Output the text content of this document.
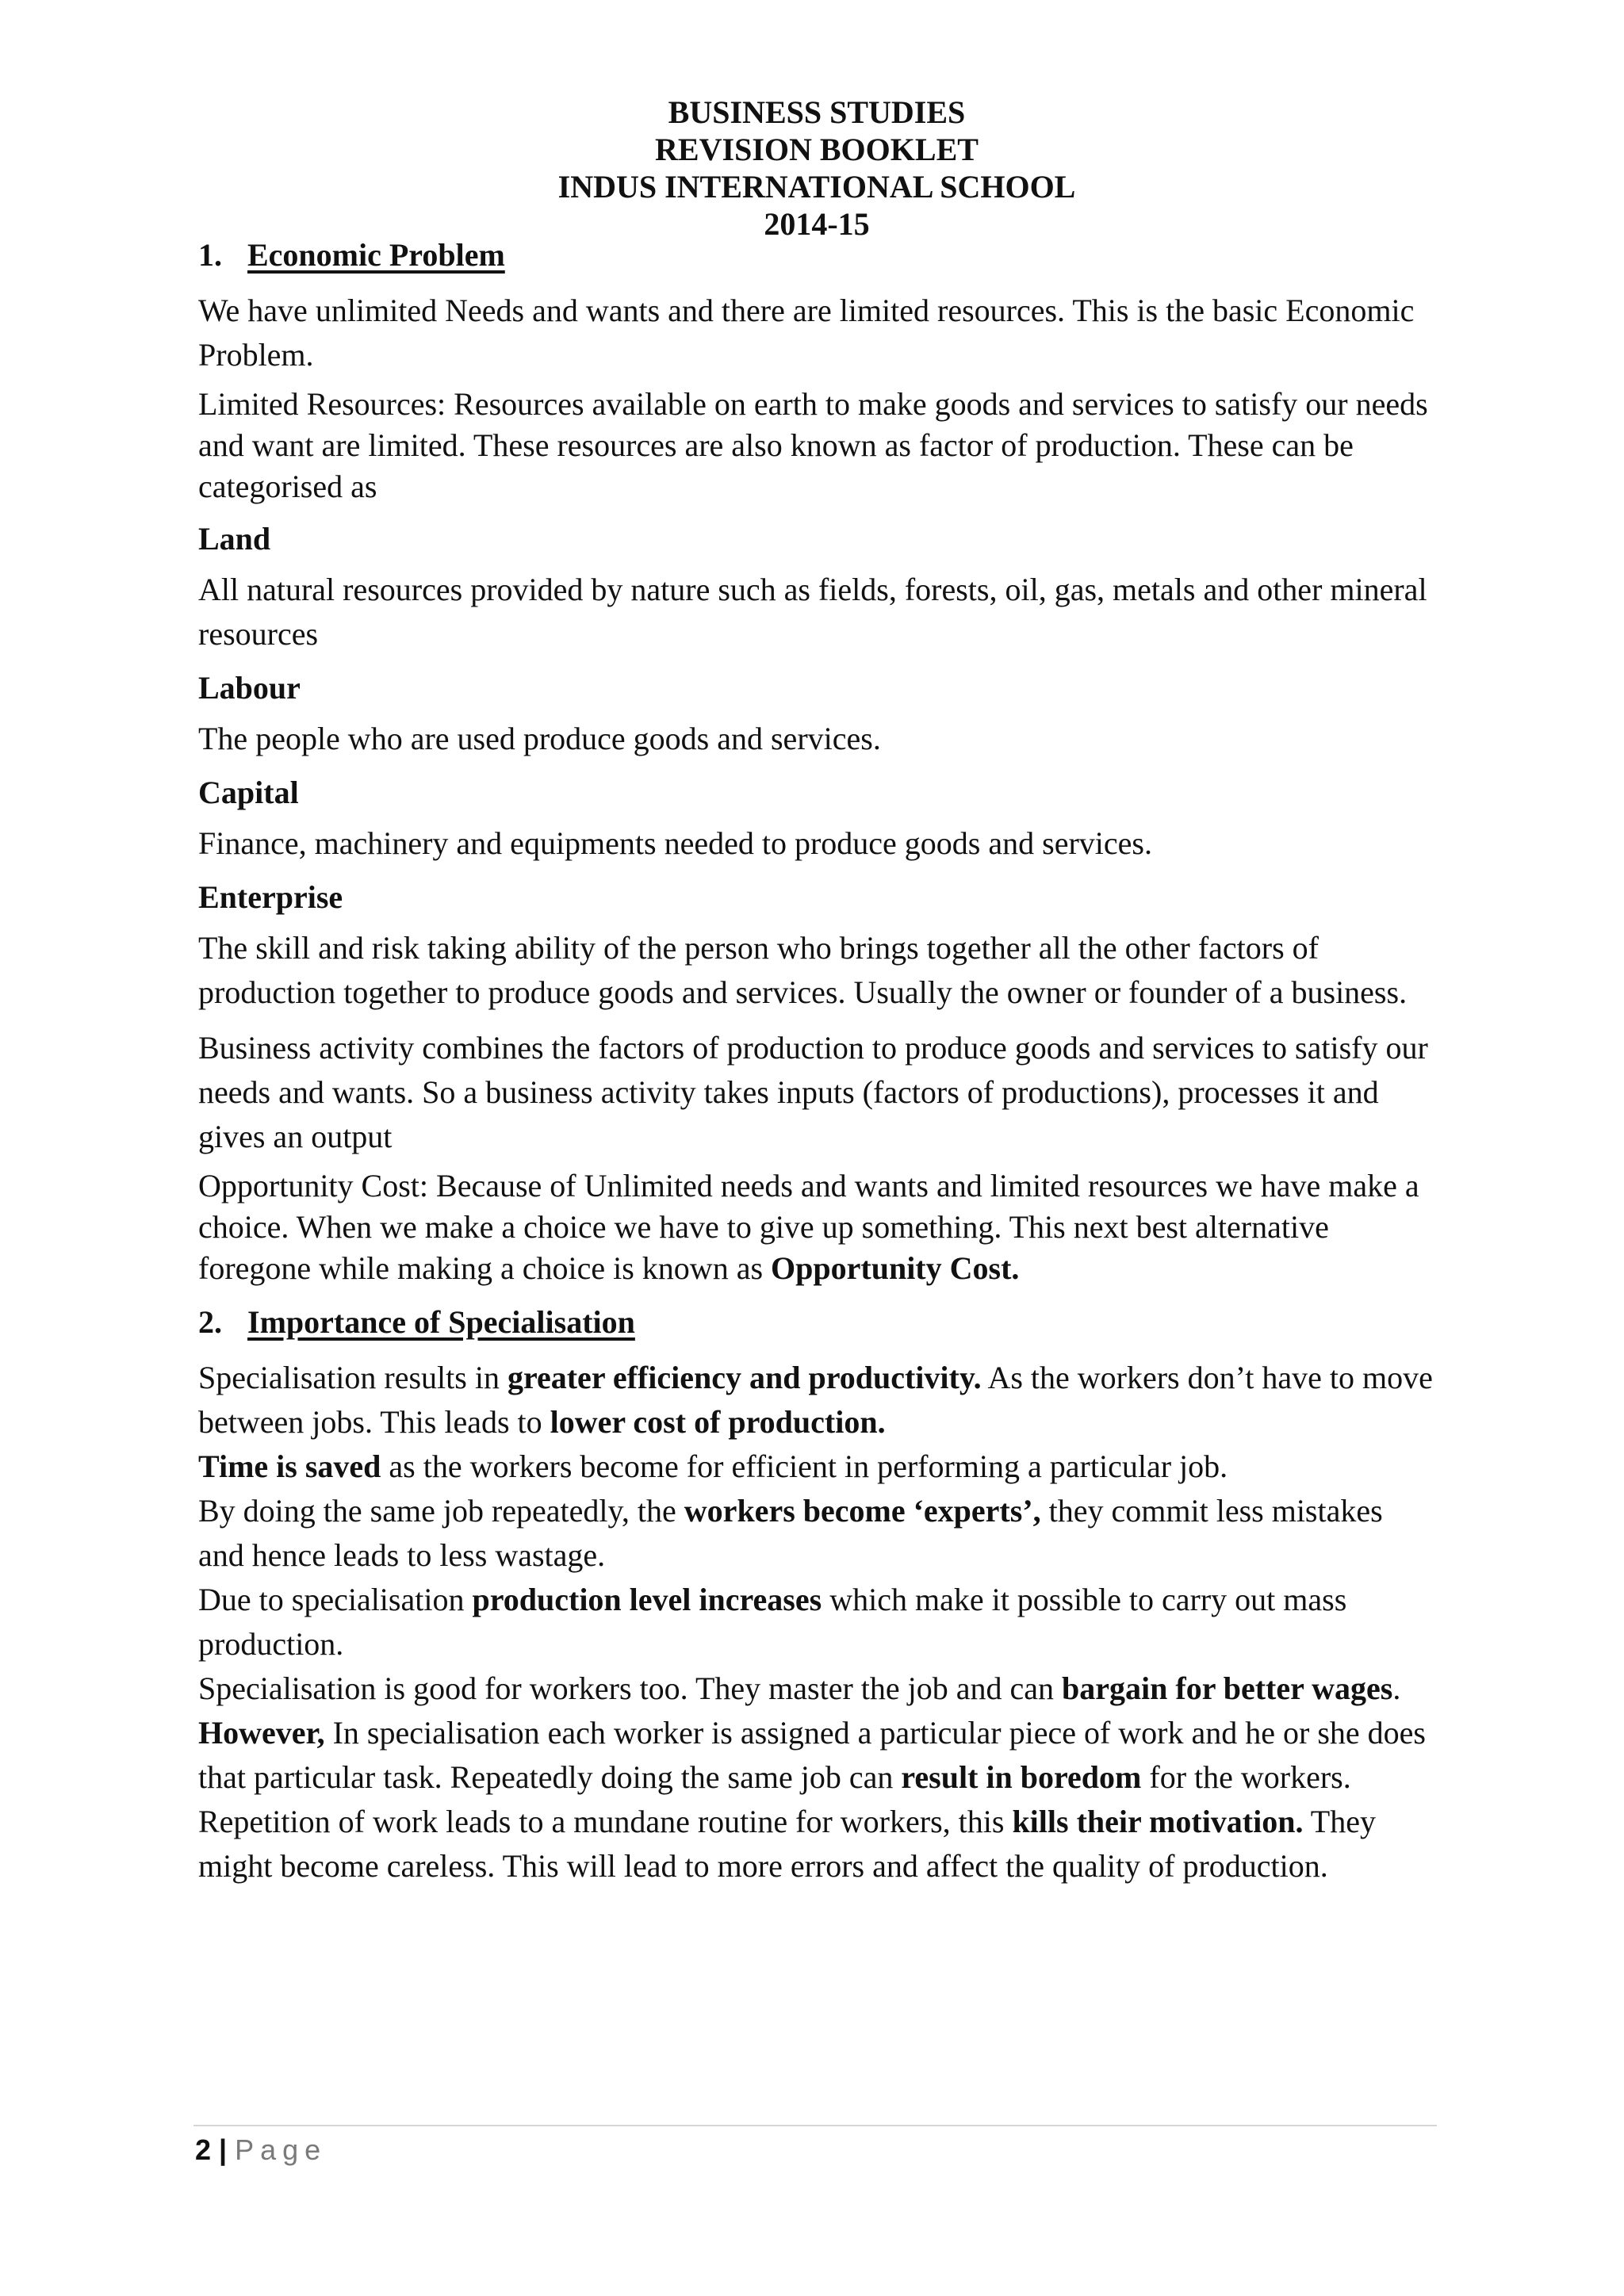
BUSINESS STUDIES
REVISION BOOKLET
INDUS INTERNATIONAL SCHOOL
2014-15
1. Economic Problem

We have unlimited Needs and wants and there are limited resources. This is the basic Economic Problem.

Limited Resources: Resources available on earth to make goods and services to satisfy our needs and want are limited. These resources are also known as factor of production. These can be categorised as

Land

All natural resources provided by nature such as fields, forests, oil, gas, metals and other mineral resources

Labour

The people who are used produce goods and services.

Capital

Finance, machinery and equipments needed to produce goods and services.

Enterprise

The skill and risk taking ability of the person who brings together all the other factors of production together to produce goods and services. Usually the owner or founder of a business.

Business activity combines the factors of production to produce goods and services to satisfy our needs and wants. So a business activity takes inputs (factors of productions), processes it and gives an output

Opportunity Cost: Because of Unlimited needs and wants and limited resources we have make a choice. When we make a choice we have to give up something. This next best alternative foregone while making a choice is known as Opportunity Cost.

2. Importance of Specialisation

Specialisation results in greater efficiency and productivity. As the workers don’t have to move between jobs. This leads to lower cost of production.

Time is saved as the workers become for efficient in performing a particular job.

By doing the same job repeatedly, the workers become ‘experts’, they commit less mistakes and hence leads to less wastage.

Due to specialisation production level increases which make it possible to carry out mass production.

Specialisation is good for workers too. They master the job and can bargain for better wages.

However, In specialisation each worker is assigned a particular piece of work and he or she does that particular task. Repeatedly doing the same job can result in boredom for the workers. Repetition of work leads to a mundane routine for workers, this kills their motivation. They might become careless. This will lead to more errors and affect the quality of production.

2 | Page
